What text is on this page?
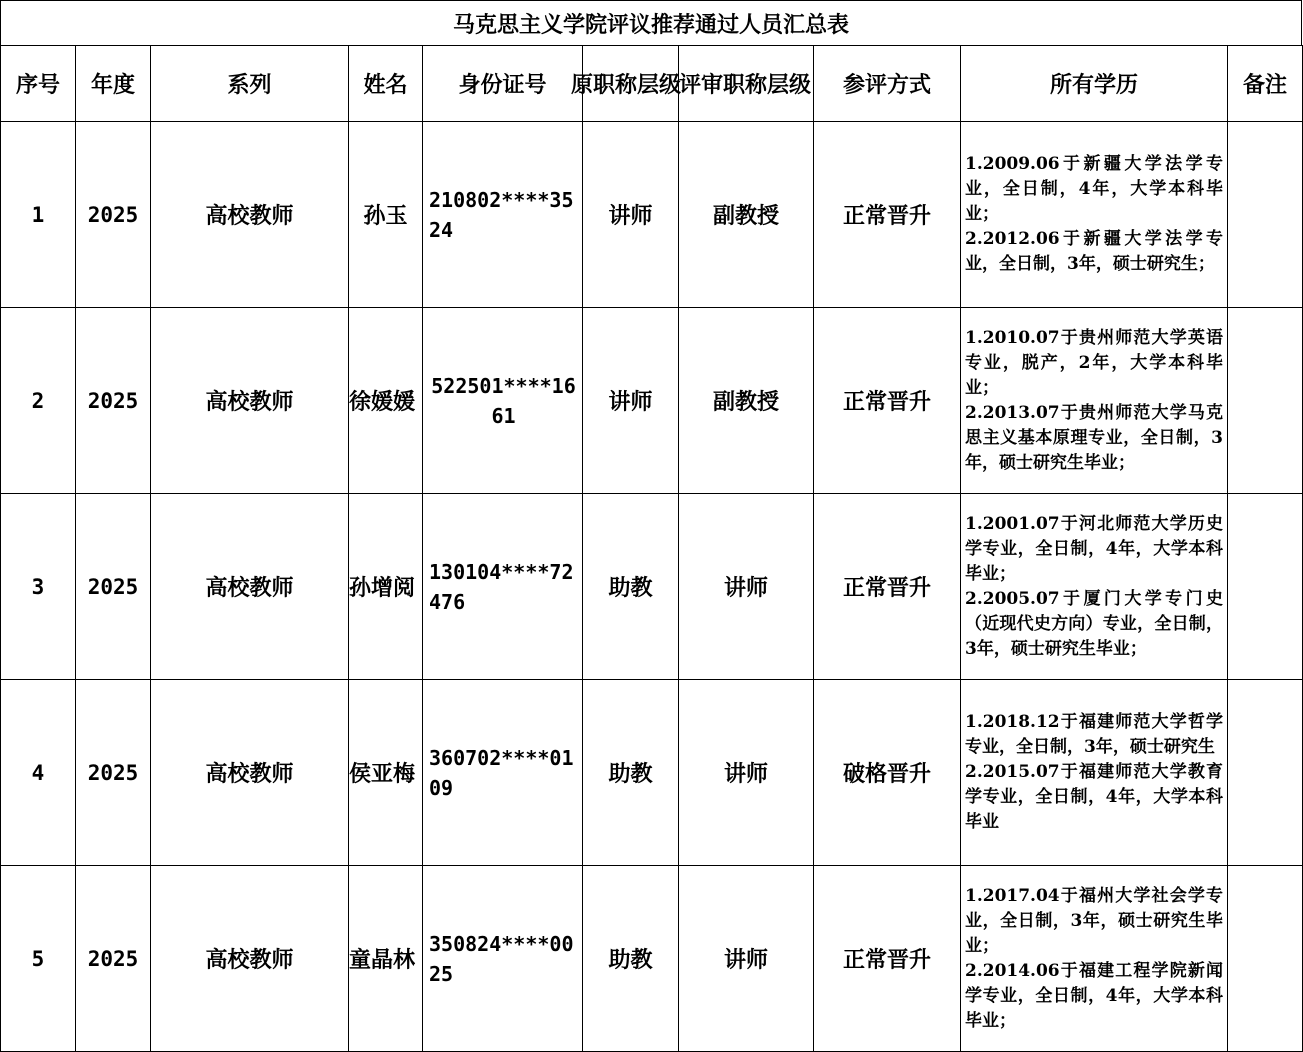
马克思主义学院评议推荐通过人员汇总表
序号	年度	系列	姓名	身份证号	原职称层级	评审职称层级	参评方式	所有学历	备注
1	2025	高校教师	孙玉	210802****3524	讲师	副教授	正常晋升	1.2009.06于新疆大学法学专业，全日制，4年，大学本科毕业；
2.2012.06于新疆大学法学专业，全日制，3年，硕士研究生；	

2	2025	高校教师	徐媛媛	522501****1661	讲师	副教授	正常晋升	1.2010.07于贵州师范大学英语专业，脱产，2年，大学本科毕业；
2.2013.07于贵州师范大学马克思主义基本原理专业，全日制，3年，硕士研究生毕业；	

3	2025	高校教师	孙增阅	130104****72476	助教	讲师	正常晋升	1.2001.07于河北师范大学历史学专业，全日制，4年，大学本科毕业；
2.2005.07于厦门大学专门史（近现代史方向）专业，全日制，3年，硕士研究生毕业；	

4	2025	高校教师	侯亚梅	360702****0109	助教	讲师	破格晋升	1.2018.12于福建师范大学哲学专业，全日制，3年，硕士研究生
2.2015.07于福建师范大学教育学专业，全日制，4年，大学本科毕业	

5	2025	高校教师	童晶林	350824****0025	助教	讲师	正常晋升	1.2017.04于福州大学社会学专业，全日制，3年，硕士研究生毕业；
2.2014.06于福建工程学院新闻学专业，全日制，4年，大学本科毕业；	
